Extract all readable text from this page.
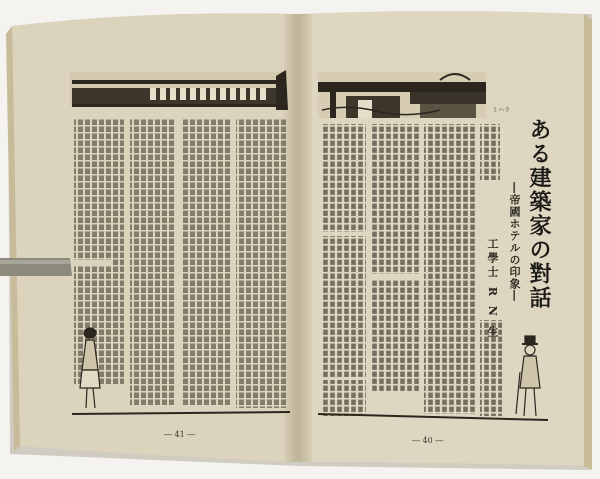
ミハラ
ある建築家の對話
―帝國ホテルの印象―
工學士 R N 生
― 41 ―
― 40 ―
